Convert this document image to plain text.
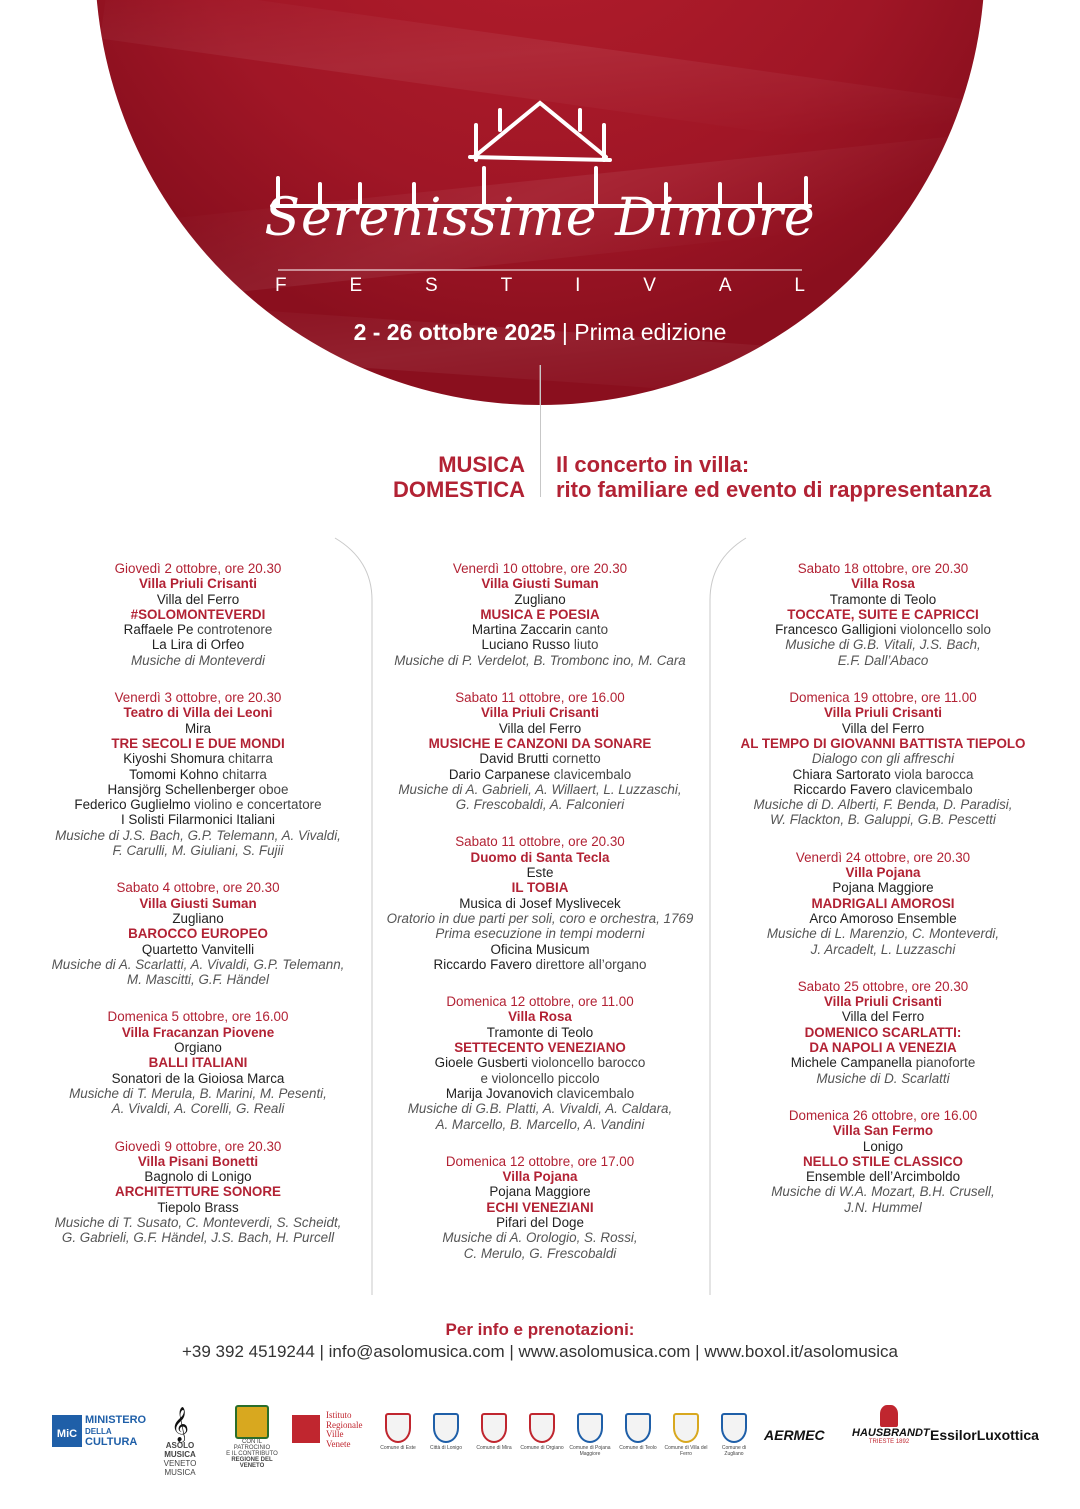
Serenissime Dimore
F	E	S	T	I	V	A	L
2 - 26 ottobre 2025 | Prima edizione
MUSICA
DOMESTICA
Il concerto in villa:
rito familiare ed evento di rappresentanza
Giovedì 2 ottobre, ore 20.30
Villa Priuli Crisanti
Villa del Ferro
#SOLOMONTEVERDI
Raffaele Pe controtenore
La Lira di Orfeo
Musiche di Monteverdi
Venerdì 3 ottobre, ore 20.30
Teatro di Villa dei Leoni
Mira
TRE SECOLI E DUE MONDI
Kiyoshi Shomura chitarra
Tomomi Kohno chitarra
Hansjörg Schellenberger oboe
Federico Guglielmo violino e concertatore
I Solisti Filarmonici Italiani
Musiche di J.S. Bach, G.P. Telemann, A. Vivaldi,
F. Carulli, M. Giuliani, S. Fujii
Sabato 4 ottobre, ore 20.30
Villa Giusti Suman
Zugliano
BAROCCO EUROPEO
Quartetto Vanvitelli
Musiche di A. Scarlatti, A. Vivaldi, G.P. Telemann,
M. Mascitti, G.F. Händel
Domenica 5 ottobre, ore 16.00
Villa Fracanzan Piovene
Orgiano
BALLI ITALIANI
Sonatori de la Gioiosa Marca
Musiche di T. Merula, B. Marini, M. Pesenti,
A. Vivaldi, A. Corelli, G. Reali
Giovedì 9 ottobre, ore 20.30
Villa Pisani Bonetti
Bagnolo di Lonigo
ARCHITETTURE SONORE
Tiepolo Brass
Musiche di T. Susato, C. Monteverdi, S. Scheidt,
G. Gabrieli, G.F. Händel, J.S. Bach, H. Purcell
Venerdì 10 ottobre, ore 20.30
Villa Giusti Suman
Zugliano
MUSICA E POESIA
Martina Zaccarin canto
Luciano Russo liuto
Musiche di P. Verdelot, B. Trombonc ino, M. Cara
Sabato 11 ottobre, ore 16.00
Villa Priuli Crisanti
Villa del Ferro
MUSICHE E CANZONI DA SONARE
David Brutti cornetto
Dario Carpanese clavicembalo
Musiche di A. Gabrieli, A. Willaert, L. Luzzaschi,
G. Frescobaldi, A. Falconieri
Sabato 11 ottobre, ore 20.30
Duomo di Santa Tecla
Este
IL TOBIA
Musica di Josef Myslivecek
Oratorio in due parti per soli, coro e orchestra, 1769
Prima esecuzione in tempi moderni
Oficina Musicum
Riccardo Favero direttore all’organo
Domenica 12 ottobre, ore 11.00
Villa Rosa
Tramonte di Teolo
SETTECENTO VENEZIANO
Gioele Gusberti violoncello barocco
e violoncello piccolo
Marija Jovanovich clavicembalo
Musiche di G.B. Platti, A. Vivaldi, A. Caldara,
A. Marcello, B. Marcello, A. Vandini
Domenica 12 ottobre, ore 17.00
Villa Pojana
Pojana Maggiore
ECHI VENEZIANI
Pifari del Doge
Musiche di A. Orologio, S. Rossi,
C. Merulo, G. Frescobaldi
Sabato 18 ottobre, ore 20.30
Villa Rosa
Tramonte di Teolo
TOCCATE, SUITE E CAPRICCI
Francesco Galligioni violoncello solo
Musiche di G.B. Vitali, J.S. Bach,
E.F. Dall’Abaco
Domenica 19 ottobre, ore 11.00
Villa Priuli Crisanti
Villa del Ferro
AL TEMPO DI GIOVANNI BATTISTA TIEPOLO
Dialogo con gli affreschi
Chiara Sartorato viola barocca
Riccardo Favero clavicembalo
Musiche di D. Alberti, F. Benda, D. Paradisi,
W. Flackton, B. Galuppi, G.B. Pescetti
Venerdì 24 ottobre, ore 20.30
Villa Pojana
Pojana Maggiore
MADRIGALI AMOROSI
Arco Amoroso Ensemble
Musiche di L. Marenzio, C. Monteverdi,
J. Arcadelt, L. Luzzaschi
Sabato 25 ottobre, ore 20.30
Villa Priuli Crisanti
Villa del Ferro
DOMENICO SCARLATTI:
DA NAPOLI A VENEZIA
Michele Campanella pianoforte
Musiche di D. Scarlatti
Domenica 26 ottobre, ore 16.00
Villa San Fermo
Lonigo
NELLO STILE CLASSICO
Ensemble dell’Arcimboldo
Musiche di W.A. Mozart, B.H. Crusell,
J.N. Hummel
Per info e prenotazioni:
+39 392 4519244 | info@asolomusica.com | www.asolomusica.com | www.boxol.it/asolomusica
MiC
MINISTERO
DELLA
CULTURA	𝄞
ASOLO MUSICA
VENETO MUSICA
CON IL PATROCINIO
E IL CONTRIBUTO
REGIONE DEL VENETO
Istituto
Regionale
Ville
Venete	Comune di Este	Città di Lonigo	Comune di Mira	Comune di Orgiano Comune di Pojana Maggiore
Comune di Teolo	Comune di Villa del Ferro
Comune di Zugliano
AERMEC HAUSBRANDT
TRIESTE 1892	EssilorLuxottica
